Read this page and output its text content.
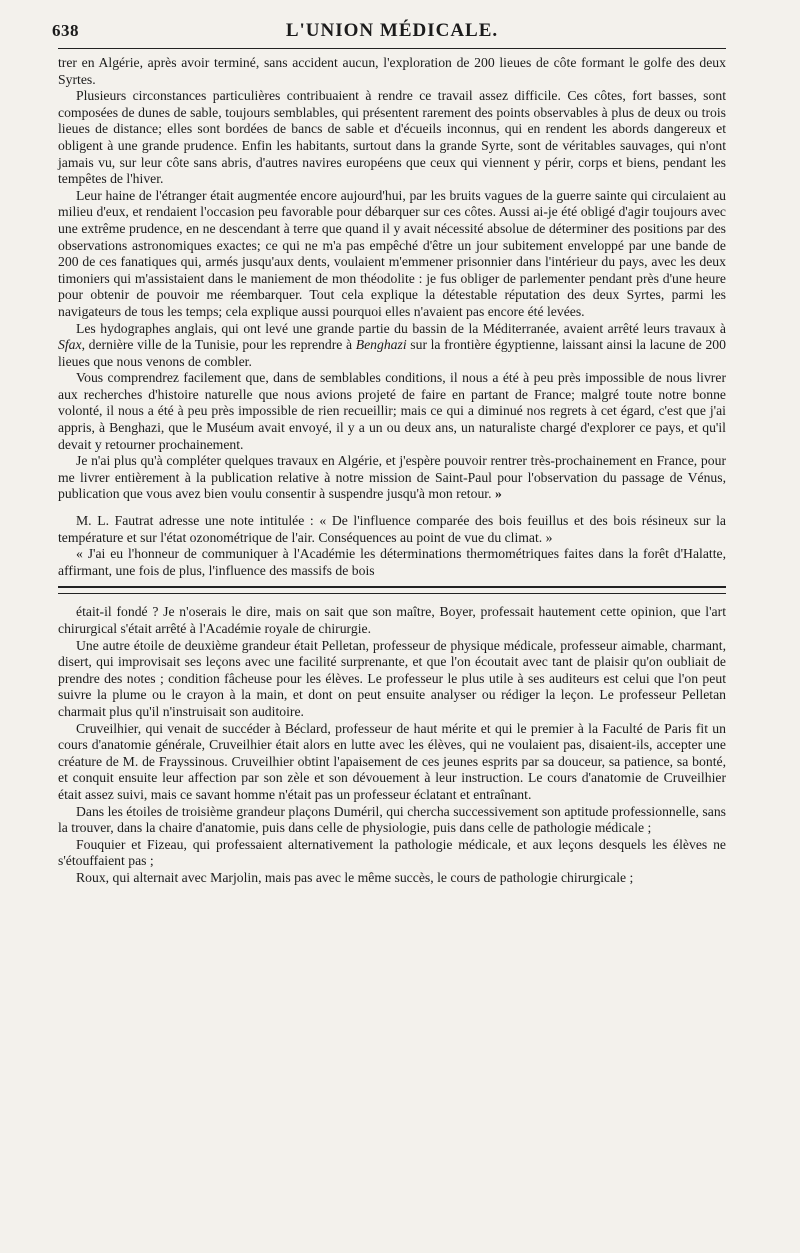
638	L'UNION MÉDICALE.

trer en Algérie, après avoir terminé, sans accident aucun, l'exploration de 200 lieues de côte formant le golfe des deux Syrtes.

Plusieurs circonstances particulières contribuaient à rendre ce travail assez difficile. Ces côtes, fort basses, sont composées de dunes de sable, toujours semblables, qui présentent rarement des points observables à plus de deux ou trois lieues de distance; elles sont bordées de bancs de sable et d'écueils inconnus, qui en rendent les abords dangereux et obligent à une grande prudence. Enfin les habitants, surtout dans la grande Syrte, sont de véritables sauvages, qui n'ont jamais vu, sur leur côte sans abris, d'autres navires européens que ceux qui viennent y périr, corps et biens, pendant les tempêtes de l'hiver.

Leur haine de l'étranger était augmentée encore aujourd'hui, par les bruits vagues de la guerre sainte qui circulaient au milieu d'eux, et rendaient l'occasion peu favorable pour débarquer sur ces côtes. Aussi ai-je été obligé d'agir toujours avec une extrême prudence, en ne descendant à terre que quand il y avait nécessité absolue de déterminer des positions par des observations astronomiques exactes; ce qui ne m'a pas empêché d'être un jour subitement enveloppé par une bande de 200 de ces fanatiques qui, armés jusqu'aux dents, voulaient m'emmener prisonnier dans l'intérieur du pays, avec les deux timoniers qui m'assistaient dans le maniement de mon théodolite : je fus obliger de parlementer pendant près d'une heure pour obtenir de pouvoir me réembarquer. Tout cela explique la détestable réputation des deux Syrtes, parmi les navigateurs de tous les temps; cela explique aussi pourquoi elles n'avaient pas encore été levées.

Les hydographes anglais, qui ont levé une grande partie du bassin de la Méditerranée, avaient arrêté leurs travaux à Sfax, dernière ville de la Tunisie, pour les reprendre à Benghazi sur la frontière égyptienne, laissant ainsi la lacune de 200 lieues que nous venons de combler.

Vous comprendrez facilement que, dans de semblables conditions, il nous a été à peu près impossible de nous livrer aux recherches d'histoire naturelle que nous avions projeté de faire en partant de France; malgré toute notre bonne volonté, il nous a été à peu près impossible de rien recueillir; mais ce qui a diminué nos regrets à cet égard, c'est que j'ai appris, à Benghazi, que le Muséum avait envoyé, il y a un ou deux ans, un naturaliste chargé d'explorer ce pays, et qu'il devait y retourner prochainement.

Je n'ai plus qu'à compléter quelques travaux en Algérie, et j'espère pouvoir rentrer très-prochainement en France, pour me livrer entièrement à la publication relative à notre mission de Saint-Paul pour l'observation du passage de Vénus, publication que vous avez bien voulu consentir à suspendre jusqu'à mon retour. »

M. L. Fautrat adresse une note intitulée : « De l'influence comparée des bois feuillus et des bois résineux sur la température et sur l'état ozonométrique de l'air. Conséquences au point de vue du climat. »

« J'ai eu l'honneur de communiquer à l'Académie les déterminations thermométriques faites dans la forêt d'Halatte, affirmant, une fois de plus, l'influence des massifs de bois

était-il fondé ? Je n'oserais le dire, mais on sait que son maître, Boyer, professait hautement cette opinion, que l'art chirurgical s'était arrêté à l'Académie royale de chirurgie.

Une autre étoile de deuxième grandeur était Pelletan, professeur de physique médicale, professeur aimable, charmant, disert, qui improvisait ses leçons avec une facilité surprenante, et que l'on écoutait avec tant de plaisir qu'on oubliait de prendre des notes ; condition fâcheuse pour les élèves. Le professeur le plus utile à ses auditeurs est celui que l'on peut suivre la plume ou le crayon à la main, et dont on peut ensuite analyser ou rédiger la leçon. Le professeur Pelletan charmait plus qu'il n'instruisait son auditoire.

Cruveilhier, qui venait de succéder à Béclard, professeur de haut mérite et qui le premier à la Faculté de Paris fit un cours d'anatomie générale, Cruveilhier était alors en lutte avec les élèves, qui ne voulaient pas, disaient-ils, accepter une créature de M. de Frayssinous. Cruveilhier obtint l'apaisement de ces jeunes esprits par sa douceur, sa patience, sa bonté, et conquit ensuite leur affection par son zèle et son dévouement à leur instruction. Le cours d'anatomie de Cruveilhier était assez suivi, mais ce savant homme n'était pas un professeur éclatant et entraînant.

Dans les étoiles de troisième grandeur plaçons Duméril, qui chercha successivement son aptitude professionnelle, sans la trouver, dans la chaire d'anatomie, puis dans celle de physiologie, puis dans celle de pathologie médicale ;

Fouquier et Fizeau, qui professaient alternativement la pathologie médicale, et aux leçons desquels les élèves ne s'étouffaient pas ;

Roux, qui alternait avec Marjolin, mais pas avec le même succès, le cours de pathologie chirurgicale ;
